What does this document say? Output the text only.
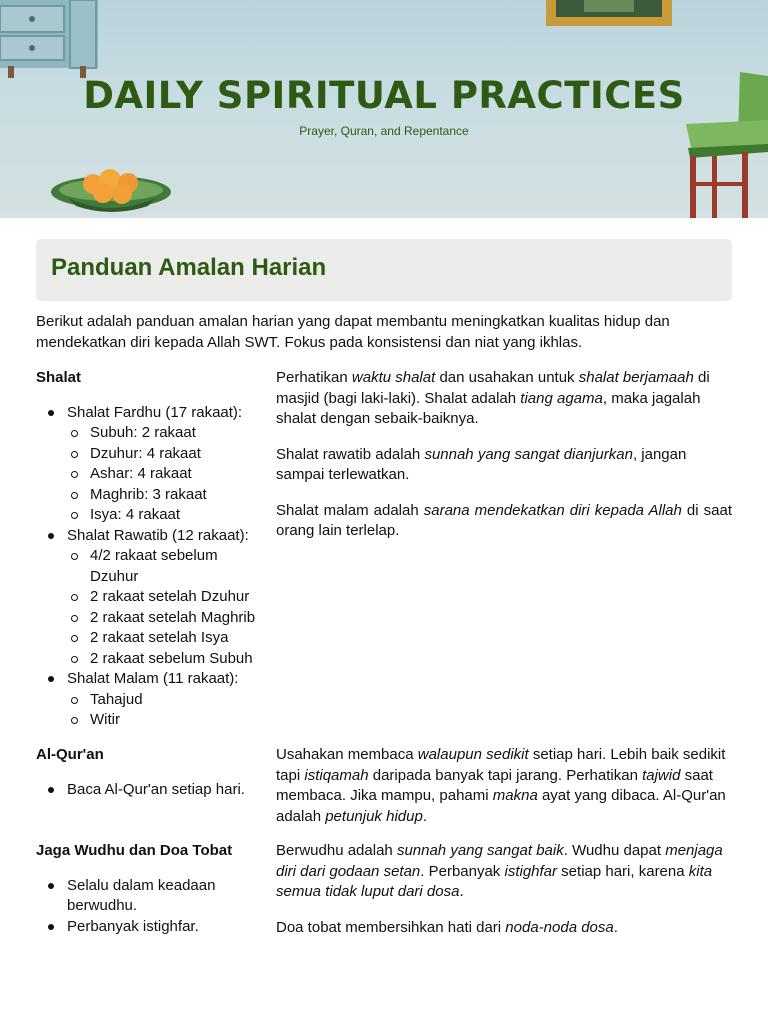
DAILY SPIRITUAL PRACTICES

Prayer, Quran, and Repentance

Panduan Amalan Harian

Berikut adalah panduan amalan harian yang dapat membantu meningkatkan kualitas hidup dan mendekatkan diri kepada Allah SWT. Fokus pada konsistensi dan niat yang ikhlas.

Shalat

Shalat Fardhu (17 rakaat):
Subuh: 2 rakaat
Dzuhur: 4 rakaat
Ashar: 4 rakaat
Maghrib: 3 rakaat
Isya: 4 rakaat
Shalat Rawatib (12 rakaat):
4/2 rakaat sebelum Dzuhur
2 rakaat setelah Dzuhur
2 rakaat setelah Maghrib
2 rakaat setelah Isya
2 rakaat sebelum Subuh
Shalat Malam (11 rakaat):
Tahajud
Witir

Perhatikan waktu shalat dan usahakan untuk shalat berjamaah di masjid (bagi laki-laki). Shalat adalah tiang agama, maka jagalah shalat dengan sebaik-baiknya.

Shalat rawatib adalah sunnah yang sangat dianjurkan, jangan sampai terlewatkan.

Shalat malam adalah sarana mendekatkan diri kepada Allah di saat orang lain terlelap.

Al-Qur'an

Baca Al-Qur'an setiap hari.

Usahakan membaca walaupun sedikit setiap hari. Lebih baik sedikit tapi istiqamah daripada banyak tapi jarang. Perhatikan tajwid saat membaca. Jika mampu, pahami makna ayat yang dibaca. Al-Qur'an adalah petunjuk hidup.

Jaga Wudhu dan Doa Tobat

Selalu dalam keadaan berwudhu.
Perbanyak istighfar.

Berwudhu adalah sunnah yang sangat baik. Wudhu dapat menjaga diri dari godaan setan. Perbanyak istighfar setiap hari, karena kita semua tidak luput dari dosa.

Doa tobat membersihkan hati dari noda-noda dosa.
